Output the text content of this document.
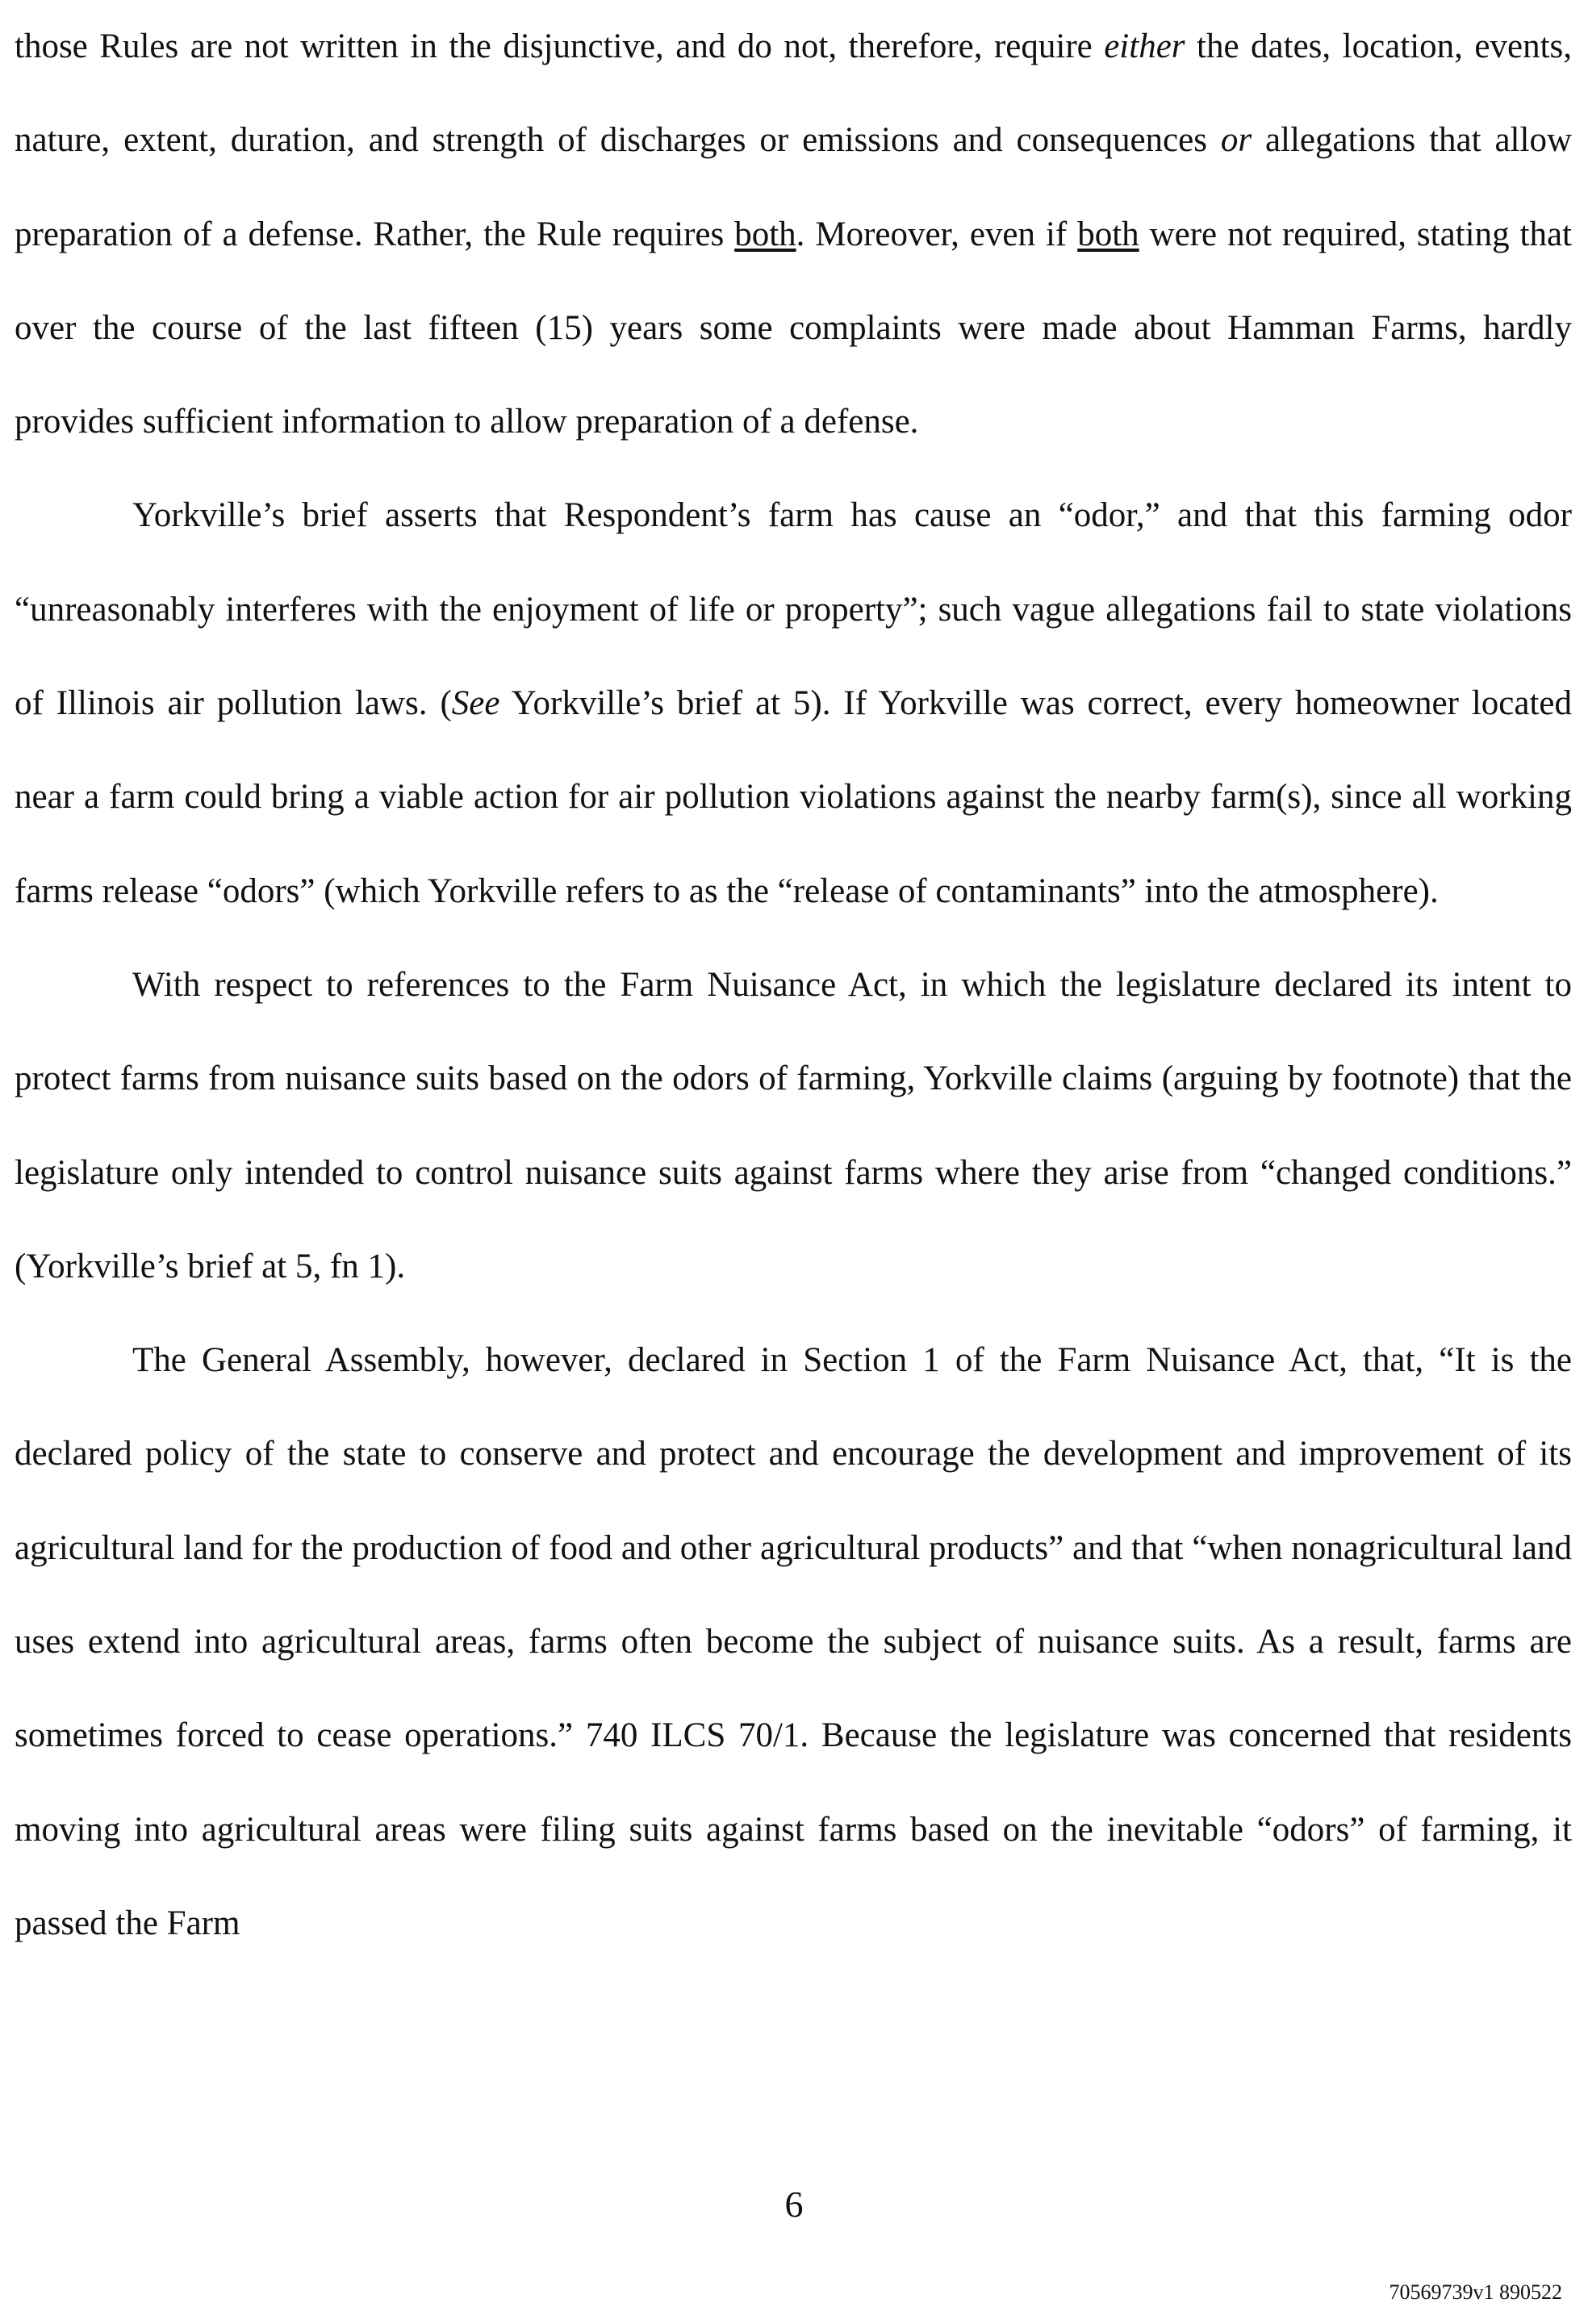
those Rules are not written in the disjunctive, and do not, therefore, require either the dates, location, events, nature, extent, duration, and strength of discharges or emissions and consequences or allegations that allow preparation of a defense. Rather, the Rule requires both. Moreover, even if both were not required, stating that over the course of the last fifteen (15) years some complaints were made about Hamman Farms, hardly provides sufficient information to allow preparation of a defense.

Yorkville’s brief asserts that Respondent’s farm has cause an “odor,” and that this farming odor “unreasonably interferes with the enjoyment of life or property”; such vague allegations fail to state violations of Illinois air pollution laws. (See Yorkville’s brief at 5). If Yorkville was correct, every homeowner located near a farm could bring a viable action for air pollution violations against the nearby farm(s), since all working farms release “odors” (which Yorkville refers to as the “release of contaminants” into the atmosphere).

With respect to references to the Farm Nuisance Act, in which the legislature declared its intent to protect farms from nuisance suits based on the odors of farming, Yorkville claims (arguing by footnote) that the legislature only intended to control nuisance suits against farms where they arise from “changed conditions.” (Yorkville’s brief at 5, fn 1).

The General Assembly, however, declared in Section 1 of the Farm Nuisance Act, that, “It is the declared policy of the state to conserve and protect and encourage the development and improvement of its agricultural land for the production of food and other agricultural products” and that “when nonagricultural land uses extend into agricultural areas, farms often become the subject of nuisance suits. As a result, farms are sometimes forced to cease operations.” 740 ILCS 70/1. Because the legislature was concerned that residents moving into agricultural areas were filing suits against farms based on the inevitable “odors” of farming, it passed the Farm

6
70569739v1 890522
